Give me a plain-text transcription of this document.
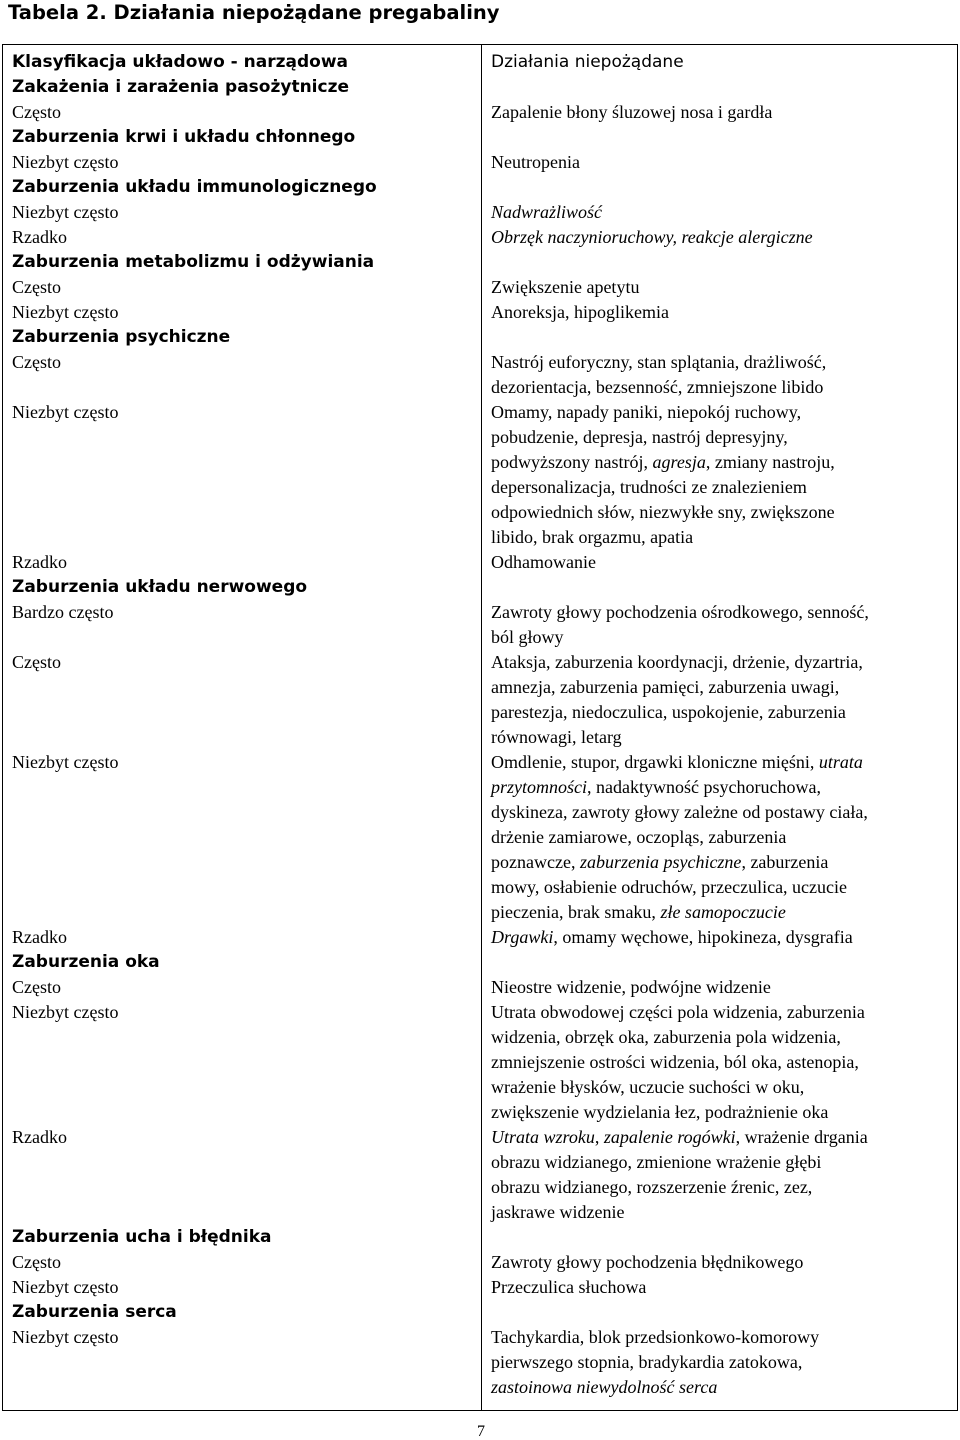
Tabela 2. Działania niepożądane pregabaliny
Klasyfikacja układowo - narządowa	Działania niepożądane
Zakażenia i zarażenia pasożytnicze
Często	Zapalenie błony śluzowej nosa i gardła
Zaburzenia krwi i układu chłonnego
Niezbyt często	Neutropenia
Zaburzenia układu immunologicznego
Niezbyt często	Nadwrażliwość
Rzadko	Obrzęk naczynioruchowy, reakcje alergiczne
Zaburzenia metabolizmu i odżywiania
Często	Zwiększenie apetytu
Niezbyt często	Anoreksja, hipoglikemia
Zaburzenia psychiczne
Często	Nastrój euforyczny, stan splątania, drażliwość,
dezorientacja, bezsenność, zmniejszone libido
Niezbyt często	Omamy, napady paniki, niepokój ruchowy,
pobudzenie, depresja, nastrój depresyjny,
podwyższony nastrój, agresja, zmiany nastroju,
depersonalizacja, trudności ze znalezieniem
odpowiednich słów, niezwykłe sny, zwiększone
libido, brak orgazmu, apatia
Rzadko	Odhamowanie
Zaburzenia układu nerwowego
Bardzo często	Zawroty głowy pochodzenia ośrodkowego, senność,
ból głowy
Często	Ataksja, zaburzenia koordynacji, drżenie, dyzartria,
amnezja, zaburzenia pamięci, zaburzenia uwagi,
parestezja, niedoczulica, uspokojenie, zaburzenia
równowagi, letarg
Niezbyt często	Omdlenie, stupor, drgawki kloniczne mięśni, utrata
przytomności, nadaktywność psychoruchowa,
dyskineza, zawroty głowy zależne od postawy ciała,
drżenie zamiarowe, oczopląs, zaburzenia
poznawcze, zaburzenia psychiczne, zaburzenia
mowy, osłabienie odruchów, przeczulica, uczucie
pieczenia, brak smaku, złe samopoczucie
Rzadko	Drgawki, omamy węchowe, hipokineza, dysgrafia
Zaburzenia oka
Często	Nieostre widzenie, podwójne widzenie
Niezbyt często	Utrata obwodowej części pola widzenia, zaburzenia
widzenia, obrzęk oka, zaburzenia pola widzenia,
zmniejszenie ostrości widzenia, ból oka, astenopia,
wrażenie błysków, uczucie suchości w oku,
zwiększenie wydzielania łez, podrażnienie oka
Rzadko	Utrata wzroku, zapalenie rogówki, wrażenie drgania
obrazu widzianego, zmienione wrażenie głębi
obrazu widzianego, rozszerzenie źrenic, zez,
jaskrawe widzenie
Zaburzenia ucha i błędnika
Często	Zawroty głowy pochodzenia błędnikowego
Niezbyt często	Przeczulica słuchowa
Zaburzenia serca
Niezbyt często	Tachykardia, blok przedsionkowo-komorowy
pierwszego stopnia, bradykardia zatokowa,
zastoinowa niewydolność serca
7
